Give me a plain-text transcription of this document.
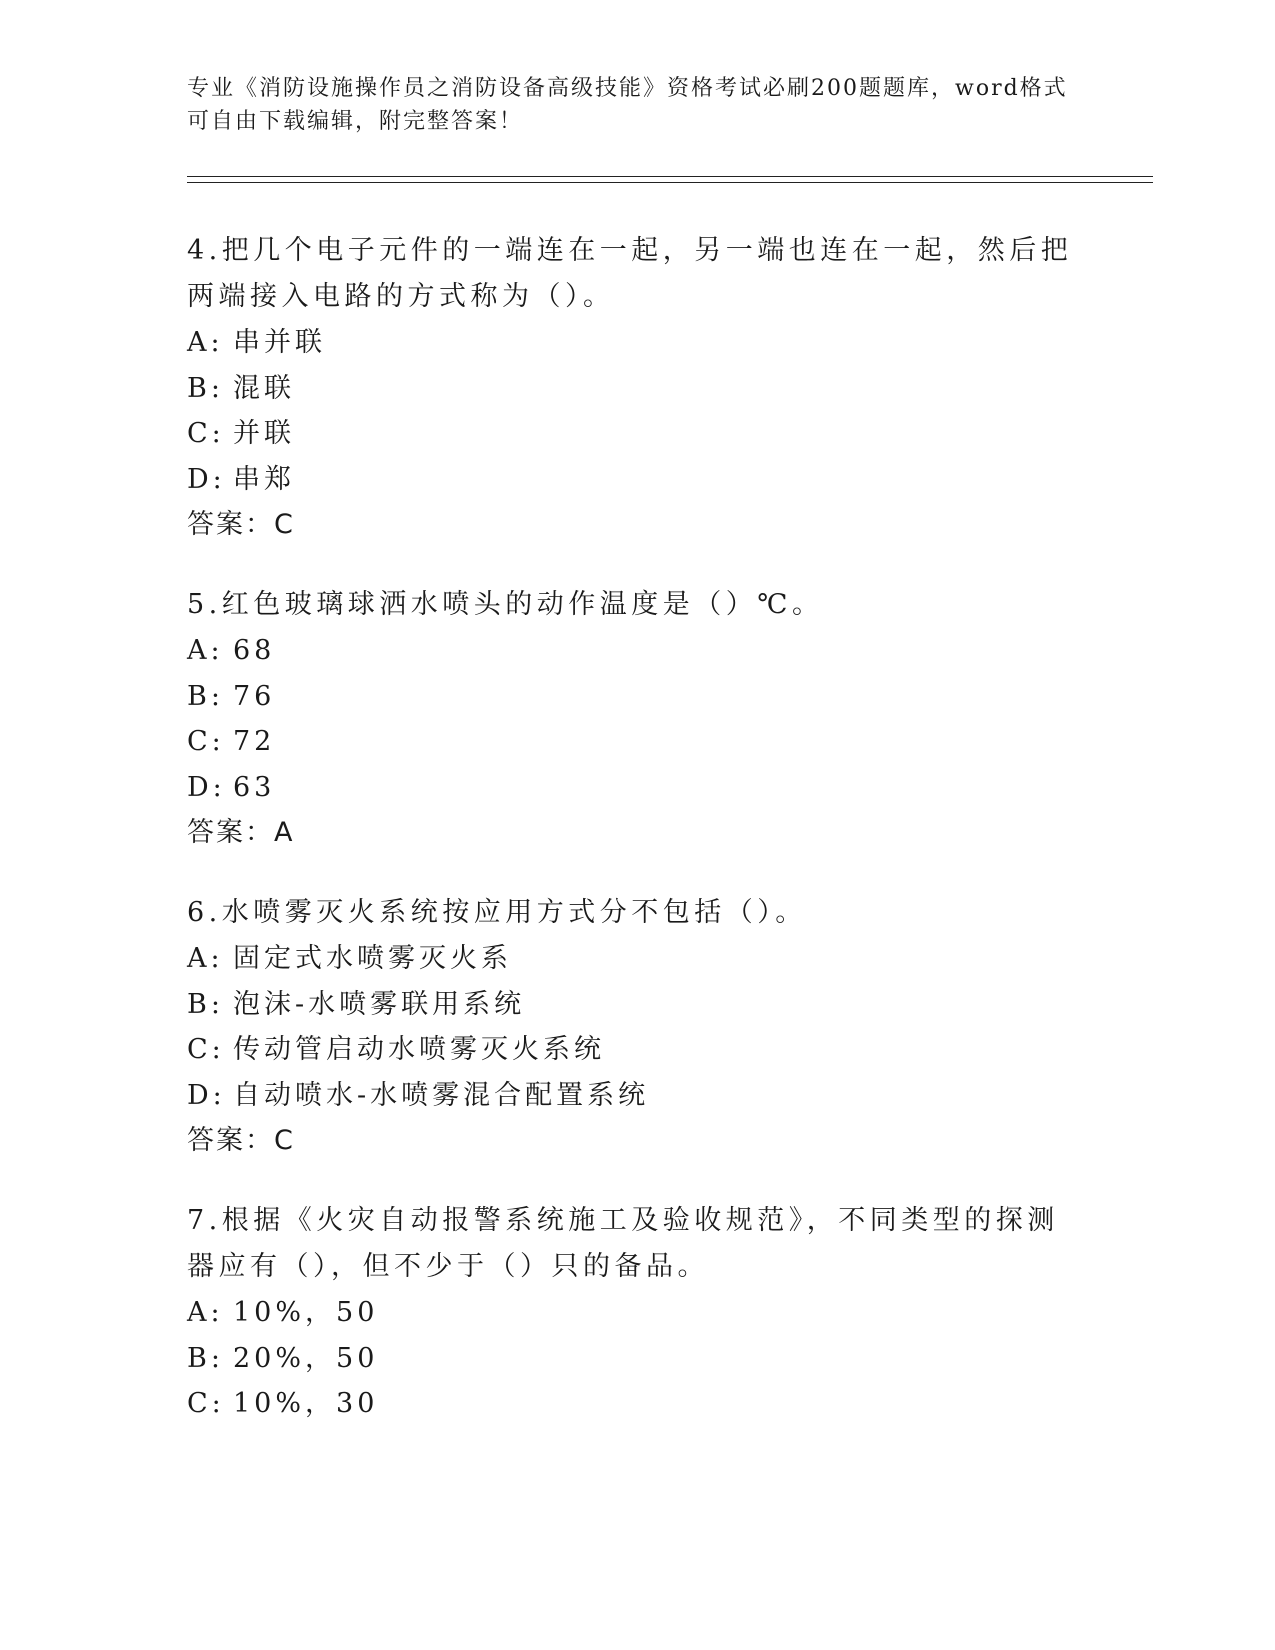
专业《消防设施操作员之消防设备高级技能》资格考试必刷200题题库，word格式可自由下载编辑，附完整答案！

4.把几个电子元件的一端连在一起，另一端也连在一起，然后把两端接入电路的方式称为（）。

A: 串并联
B: 混联
C: 并联
D: 串郑
答案：C

5.红色玻璃球洒水喷头的动作温度是（）℃。

A: 68
B: 76
C: 72
D: 63
答案：A

6.水喷雾灭火系统按应用方式分不包括（）。

A: 固定式水喷雾灭火系
B: 泡沫-水喷雾联用系统
C: 传动管启动水喷雾灭火系统
D: 自动喷水-水喷雾混合配置系统
答案：C

7.根据《火灾自动报警系统施工及验收规范》，不同类型的探测器应有（），但不少于（）只的备品。

A: 10%，50
B: 20%，50
C: 10%，30
